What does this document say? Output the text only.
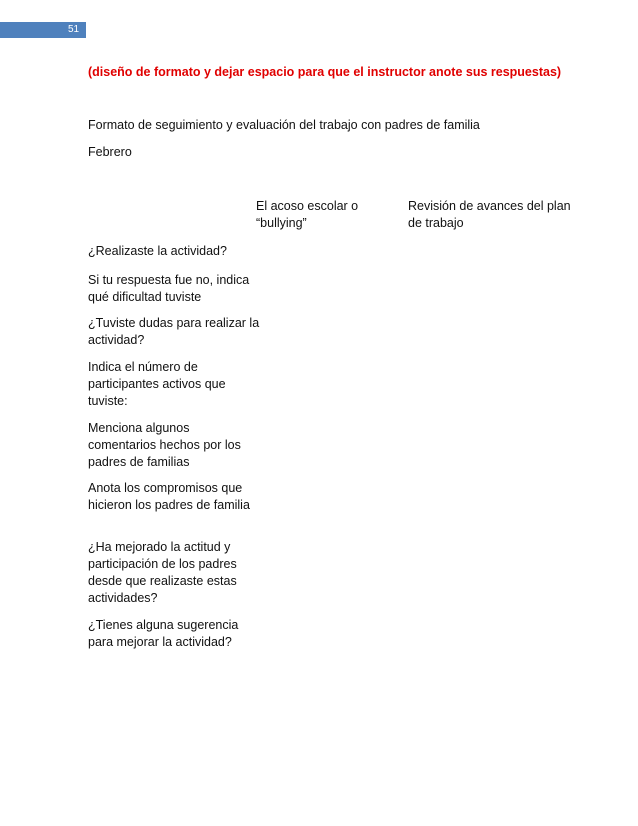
51
(diseño de formato y dejar espacio para que el instructor anote sus respuestas)
Formato de seguimiento y evaluación del trabajo con padres de familia
Febrero
El acoso escolar o “bullying”
Revisión de avances del plan de trabajo
¿Realizaste la actividad?
Si tu respuesta fue no, indica qué dificultad tuviste
¿Tuviste dudas para realizar la actividad?
Indica el número de participantes activos que tuviste:
Menciona algunos comentarios hechos por los padres de familias
Anota los compromisos que hicieron los padres de familia
¿Ha mejorado la actitud y participación de los padres desde que realizaste estas actividades?
¿Tienes alguna sugerencia para mejorar la actividad?
